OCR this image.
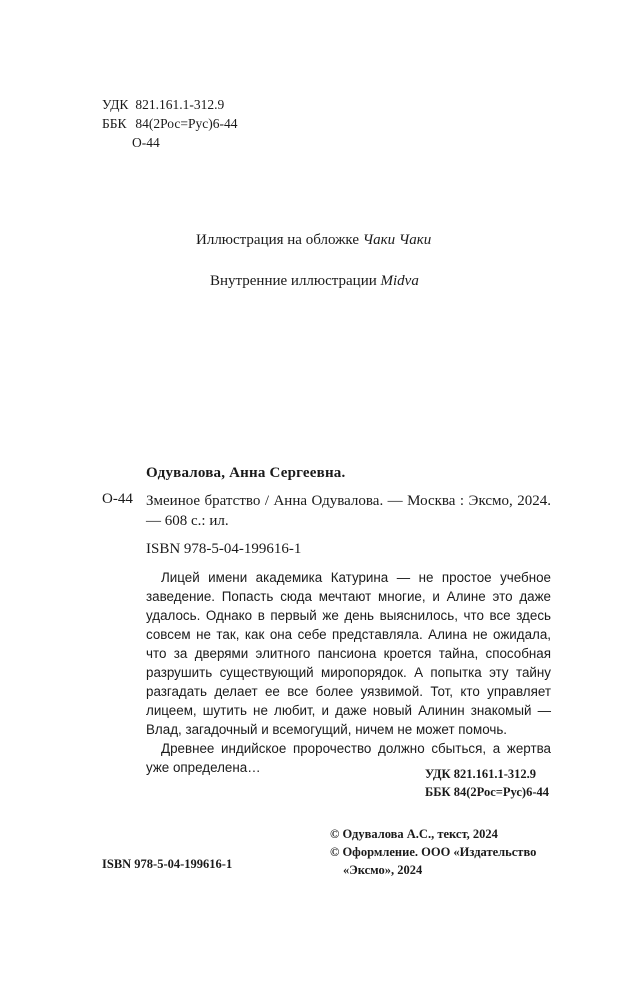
УДК 821.161.1-312.9
ББК 84(2Рос=Рус)6-44
О-44
Иллюстрация на обложке Чаки Чаки
Внутренние иллюстрации Midva
Одувалова, Анна Сергеевна.
О-44 Змеиное братство / Анна Одувалова. — Москва : Эксмо, 2024. — 608 с.: ил.
ISBN 978-5-04-199616-1

Лицей имени академика Катурина — не простое учебное заведение. Попасть сюда мечтают многие, и Алине это даже удалось. Однако в первый же день выяснилось, что все здесь совсем не так, как она себе представляла. Алина не ожидала, что за дверями элитного пансиона кроется тайна, способная разрушить существующий миропорядок. А попытка эту тайну разгадать делает ее все более уязвимой. Тот, кто управляет лицеем, шутить не любит, и даже новый Алинин знакомый — Влад, загадочный и всемогущий, ничем не может помочь.

Древнее индийское пророчество должно сбыться, а жертва уже определена…	УДК 821.161.1-312.9
ББК 84(2Рос=Рус)6-44
© Одувалова А.С., текст, 2024
© Оформление. ООО «Издательство
«Эксмо», 2024
ISBN 978-5-04-199616-1
